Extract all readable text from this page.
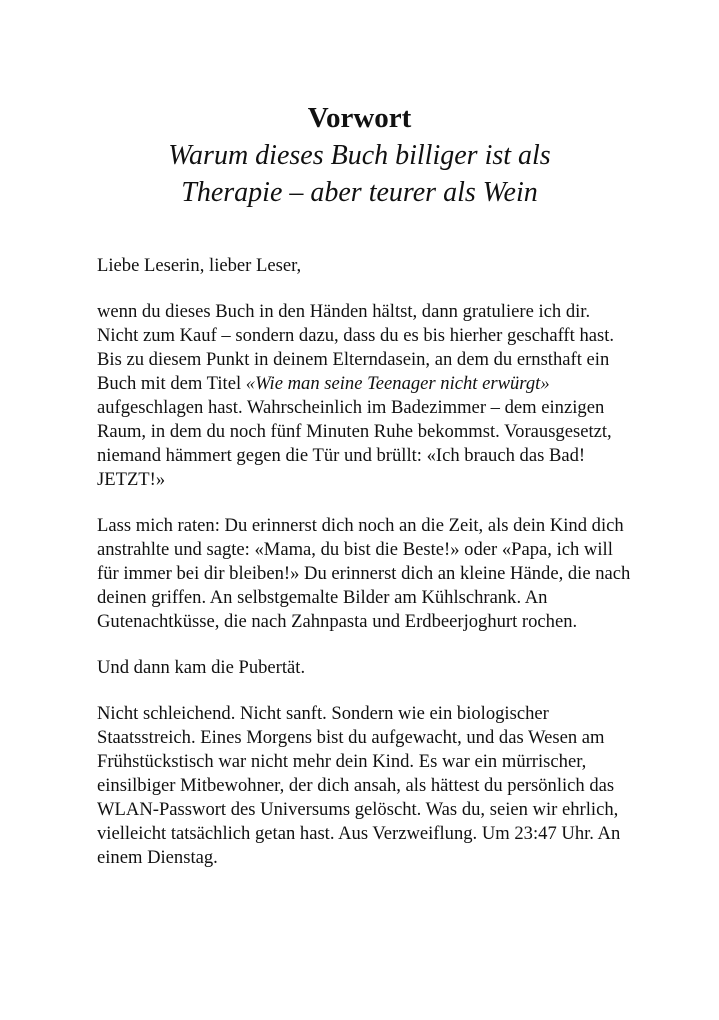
Vorwort

Warum dieses Buch billiger ist als
Therapie – aber teurer als Wein

Liebe Leserin, lieber Leser,

wenn du dieses Buch in den Händen hältst, dann gratuliere ich dir. Nicht zum Kauf – sondern dazu, dass du es bis hierher geschafft hast. Bis zu diesem Punkt in deinem Elterndasein, an dem du ernsthaft ein Buch mit dem Titel «Wie man seine Teenager nicht erwürgt» aufgeschlagen hast. Wahrscheinlich im Badezimmer – dem einzigen Raum, in dem du noch fünf Minuten Ruhe bekommst. Vorausgesetzt, niemand hämmert gegen die Tür und brüllt: «Ich brauch das Bad! JETZT!»

Lass mich raten: Du erinnerst dich noch an die Zeit, als dein Kind dich anstrahlte und sagte: «Mama, du bist die Beste!» oder «Papa, ich will für immer bei dir bleiben!» Du erinnerst dich an kleine Hände, die nach deinen griffen. An selbstgemalte Bilder am Kühlschrank. An Gutenachtküsse, die nach Zahnpasta und Erdbeerjoghurt rochen.

Und dann kam die Pubertät.

Nicht schleichend. Nicht sanft. Sondern wie ein biologischer Staatsstreich. Eines Morgens bist du aufgewacht, und das Wesen am Frühstückstisch war nicht mehr dein Kind. Es war ein mürrischer, einsilbiger Mitbewohner, der dich ansah, als hättest du persönlich das WLAN-Passwort des Universums gelöscht. Was du, seien wir ehrlich, vielleicht tatsächlich getan hast. Aus Verzweiflung. Um 23:47 Uhr. An einem Dienstag.
